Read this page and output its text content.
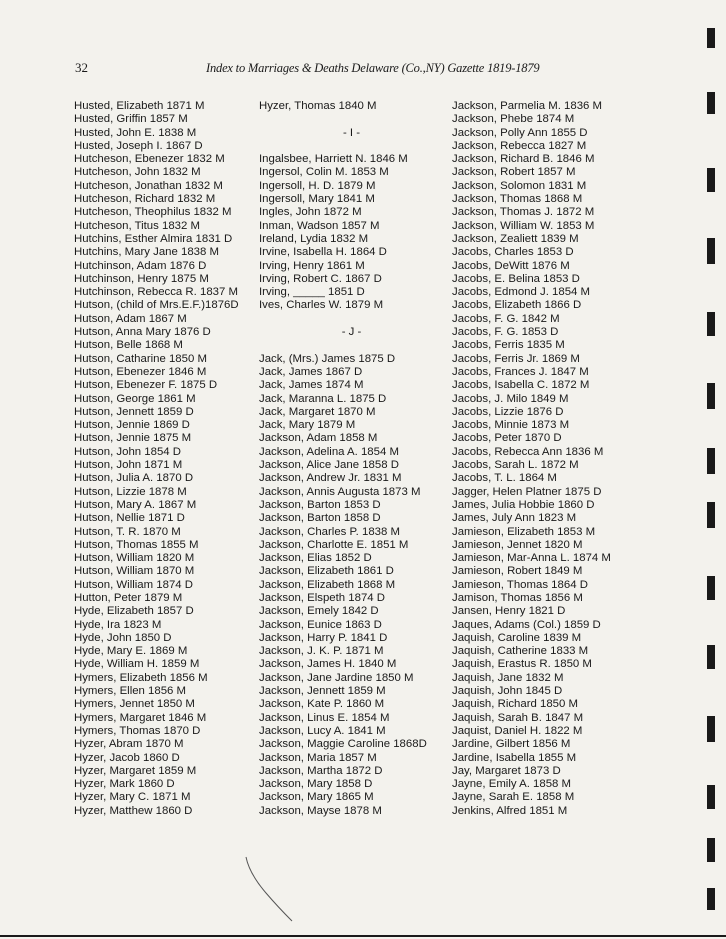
32	Index to Marriages & Deaths Delaware (Co.,NY) Gazette 1819-1879
Husted, Elizabeth 1871 M
Husted, Griffin 1857 M
Husted, John E. 1838 M
Husted, Joseph I. 1867 D
Hutcheson, Ebenezer 1832 M
Hutcheson, John 1832 M
Hutcheson, Jonathan 1832 M
Hutcheson, Richard 1832 M
Hutcheson, Theophilus 1832 M
Hutcheson, Titus 1832 M
Hutchins, Esther Almira 1831 D
Hutchins, Mary Jane 1838 M
Hutchinson, Adam 1876 D
Hutchinson, Henry 1875 M
Hutchinson, Rebecca R. 1837 M
Hutson, (child of Mrs.E.F.)1876D
Hutson, Adam 1867 M
Hutson, Anna Mary 1876 D
Hutson, Belle 1868 M
Hutson, Catharine 1850 M
Hutson, Ebenezer 1846 M
Hutson, Ebenezer F. 1875 D
Hutson, George 1861 M
Hutson, Jennett 1859 D
Hutson, Jennie 1869 D
Hutson, Jennie 1875 M
Hutson, John 1854 D
Hutson, John 1871 M
Hutson, Julia A. 1870 D
Hutson, Lizzie 1878 M
Hutson, Mary A. 1867 M
Hutson, Nellie 1871 D
Hutson, T. R. 1870 M
Hutson, Thomas 1855 M
Hutson, William 1820 M
Hutson, William 1870 M
Hutson, William 1874 D
Hutton, Peter 1879 M
Hyde, Elizabeth 1857 D
Hyde, Ira 1823 M
Hyde, John 1850 D
Hyde, Mary E. 1869 M
Hyde, William H. 1859 M
Hymers, Elizabeth 1856 M
Hymers, Ellen 1856 M
Hymers, Jennet 1850 M
Hymers, Margaret 1846 M
Hymers, Thomas 1870 D
Hyzer, Abram 1870 M
Hyzer, Jacob 1860 D
Hyzer, Margaret 1859 M
Hyzer, Mark 1860 D
Hyzer, Mary C. 1871 M
Hyzer, Matthew 1860 D
Hyzer, Thomas 1840 M
- I -
Ingalsbee, Harriett N. 1846 M
Ingersol, Colin M. 1853 M
Ingersoll, H. D. 1879 M
Ingersoll, Mary 1841 M
Ingles, John 1872 M
Inman, Wadson 1857 M
Ireland, Lydia 1832 M
Irvine, Isabella H. 1864 D
Irving, Henry 1861 M
Irving, Robert C. 1867 D
Irving, _____ 1851 D
Ives, Charles W. 1879 M
- J -
Jack, (Mrs.) James 1875 D
Jack, James 1867 D
Jack, James 1874 M
Jack, Maranna L. 1875 D
Jack, Margaret 1870 M
Jack, Mary 1879 M
Jackson, Adam 1858 M
Jackson, Adelina A. 1854 M
Jackson, Alice Jane 1858 D
Jackson, Andrew Jr. 1831 M
Jackson, Annis Augusta 1873 M
Jackson, Barton 1853 D
Jackson, Barton 1858 D
Jackson, Charles P. 1838 M
Jackson, Charlotte E. 1851 M
Jackson, Elias 1852 D
Jackson, Elizabeth 1861 D
Jackson, Elizabeth 1868 M
Jackson, Elspeth 1874 D
Jackson, Emely 1842 D
Jackson, Eunice 1863 D
Jackson, Harry P. 1841 D
Jackson, J. K. P. 1871 M
Jackson, James H. 1840 M
Jackson, Jane Jardine 1850 M
Jackson, Jennett 1859 M
Jackson, Kate P. 1860 M
Jackson, Linus E. 1854 M
Jackson, Lucy A. 1841 M
Jackson, Maggie Caroline 1868D
Jackson, Maria 1857 M
Jackson, Martha 1872 D
Jackson, Mary 1858 D
Jackson, Mary 1865 M
Jackson, Mayse 1878 M
Jackson, Parmelia M. 1836 M
Jackson, Phebe 1874 M
Jackson, Polly Ann 1855 D
Jackson, Rebecca 1827 M
Jackson, Richard B. 1846 M
Jackson, Robert 1857 M
Jackson, Solomon 1831 M
Jackson, Thomas 1868 M
Jackson, Thomas J. 1872 M
Jackson, William W. 1853 M
Jackson, Zealiett 1839 M
Jacobs, Charles 1853 D
Jacobs, DeWitt 1876 M
Jacobs, E. Belina 1853 D
Jacobs, Edmond J. 1854 M
Jacobs, Elizabeth 1866 D
Jacobs, F. G. 1842 M
Jacobs, F. G. 1853 D
Jacobs, Ferris 1835 M
Jacobs, Ferris Jr. 1869 M
Jacobs, Frances J. 1847 M
Jacobs, Isabella C. 1872 M
Jacobs, J. Milo 1849 M
Jacobs, Lizzie 1876 D
Jacobs, Minnie 1873 M
Jacobs, Peter 1870 D
Jacobs, Rebecca Ann 1836 M
Jacobs, Sarah L. 1872 M
Jacobs, T. L. 1864 M
Jagger, Helen Platner 1875 D
James, Julia Hobbie 1860 D
James, July Ann 1823 M
Jamieson, Elizabeth 1853 M
Jamieson, Jennet 1820 M
Jamieson, Mar-Anna L. 1874 M
Jamieson, Robert 1849 M
Jamieson, Thomas 1864 D
Jamison, Thomas 1856 M
Jansen, Henry 1821 D
Jaques, Adams (Col.) 1859 D
Jaquish, Caroline 1839 M
Jaquish, Catherine 1833 M
Jaquish, Erastus R. 1850 M
Jaquish, Jane 1832 M
Jaquish, John 1845 D
Jaquish, Richard 1850 M
Jaquish, Sarah B. 1847 M
Jaquist, Daniel H. 1822 M
Jardine, Gilbert 1856 M
Jardine, Isabella 1855 M
Jay, Margaret 1873 D
Jayne, Emily A. 1858 M
Jayne, Sarah E. 1858 M
Jenkins, Alfred 1851 M
